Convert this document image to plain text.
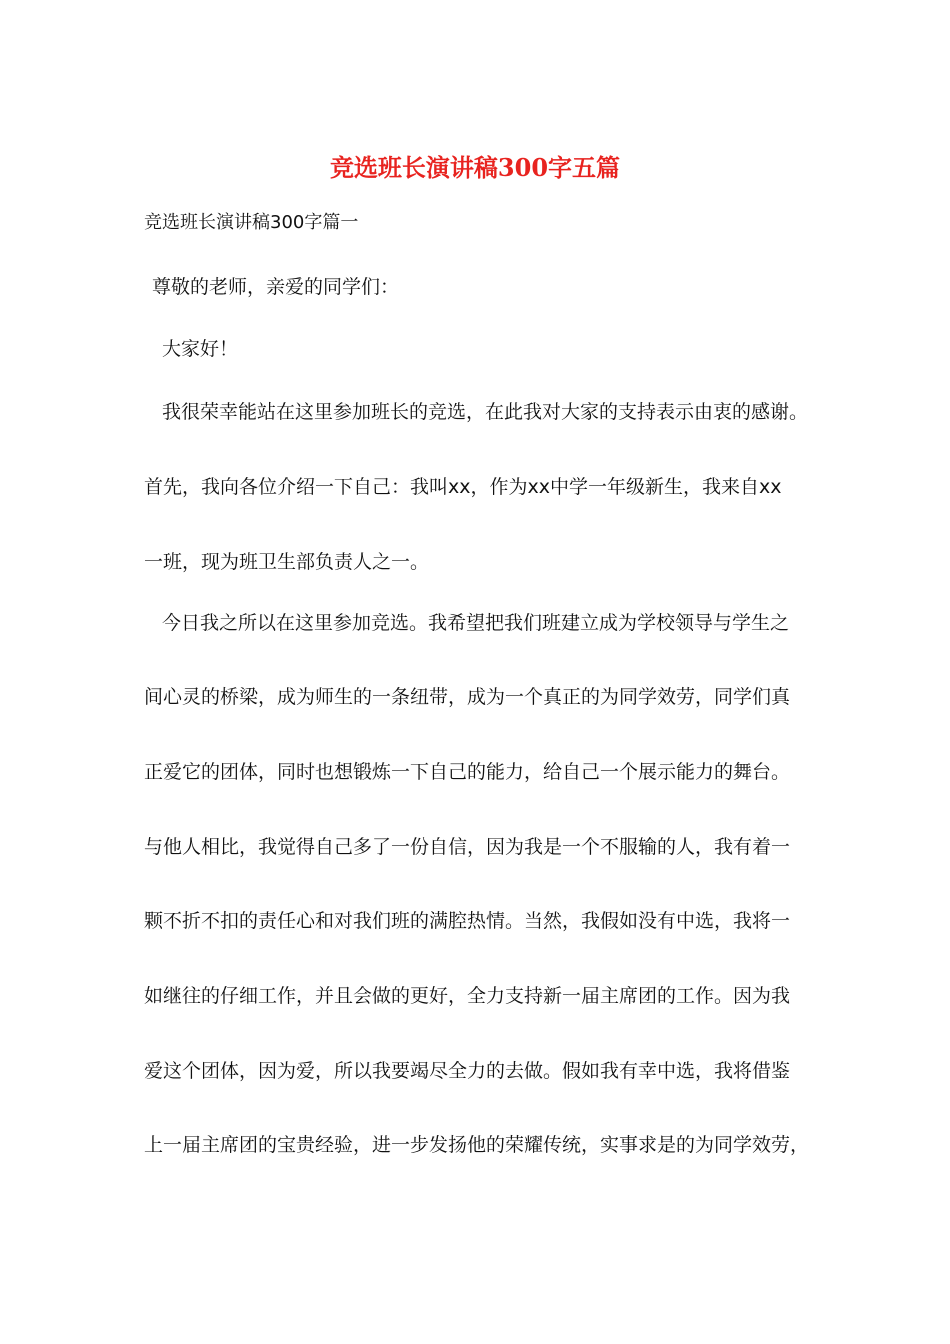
竞选班长演讲稿300字五篇
竞选班长演讲稿300字篇一
尊敬的老师，亲爱的同学们：
大家好！
我很荣幸能站在这里参加班长的竞选，在此我对大家的支持表示由衷的感谢。
首先，我向各位介绍一下自己：我叫xx，作为xx中学一年级新生，我来自xx
一班，现为班卫生部负责人之一。
今日我之所以在这里参加竞选。我希望把我们班建立成为学校领导与学生之
间心灵的桥梁，成为师生的一条纽带，成为一个真正的为同学效劳，同学们真
正爱它的团体，同时也想锻炼一下自己的能力，给自己一个展示能力的舞台。
与他人相比，我觉得自己多了一份自信，因为我是一个不服输的人，我有着一
颗不折不扣的责任心和对我们班的满腔热情。当然，我假如没有中选，我将一
如继往的仔细工作，并且会做的更好，全力支持新一届主席团的工作。因为我
爱这个团体，因为爱，所以我要竭尽全力的去做。假如我有幸中选，我将借鉴
上一届主席团的宝贵经验，进一步发扬他的荣耀传统，实事求是的为同学效劳，
